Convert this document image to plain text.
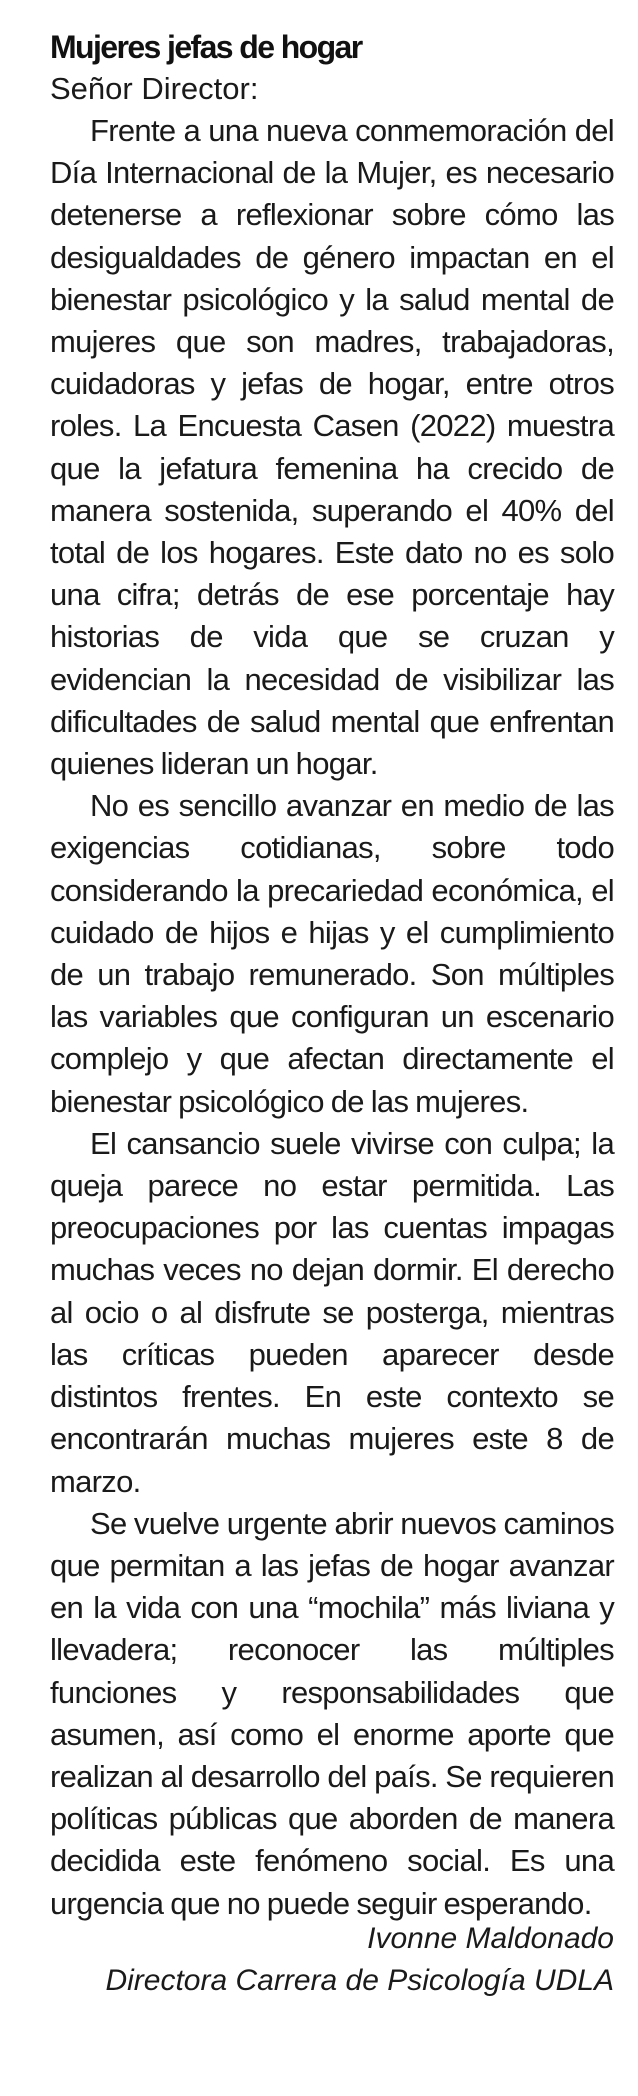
Mujeres jefas de hogar

Señor Director:

Frente a una nueva conmemoración del Día Internacional de la Mujer, es necesario detenerse a reflexionar sobre cómo las desigualdades de género impactan en el bienestar psicológico y la salud mental de mujeres que son madres, trabajadoras, cuidadoras y jefas de hogar, entre otros roles. La Encuesta Casen (2022) muestra que la jefatura femenina ha crecido de manera sostenida, superando el 40% del total de los hogares. Este dato no es solo una cifra; detrás de ese porcentaje hay historias de vida que se cruzan y evidencian la necesidad de visibilizar las dificultades de salud mental que enfrentan quienes lideran un hogar.

No es sencillo avanzar en medio de las exigencias cotidianas, sobre todo considerando la precariedad económica, el cuidado de hijos e hijas y el cumplimiento de un trabajo remunerado. Son múltiples las variables que configuran un escenario complejo y que afectan directamente el bienestar psicológico de las mujeres.

El cansancio suele vivirse con culpa; la queja parece no estar permitida. Las preocupaciones por las cuentas impagas muchas veces no dejan dormir. El derecho al ocio o al disfrute se posterga, mientras las críticas pueden aparecer desde distintos frentes. En este contexto se encontrarán muchas mujeres este 8 de marzo.

Se vuelve urgente abrir nuevos caminos que permitan a las jefas de hogar avanzar en la vida con una “mochila” más liviana y llevadera; reconocer las múltiples funciones y responsabilidades que asumen, así como el enorme aporte que realizan al desarrollo del país. Se requieren políticas públicas que aborden de manera decidida este fenómeno social. Es una urgencia que no puede seguir esperando.

Ivonne Maldonado
Directora Carrera de Psicología UDLA
